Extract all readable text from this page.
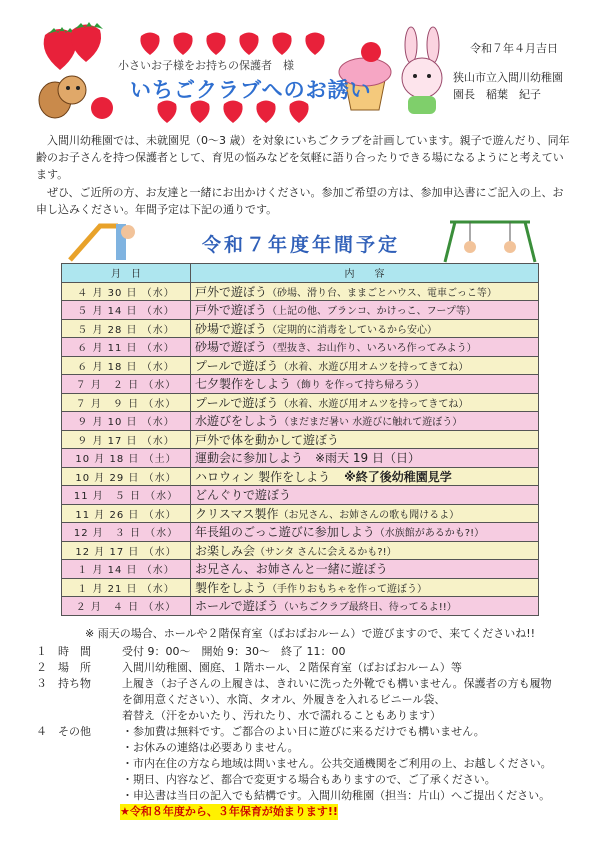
小さいお子様をお持ちの保護者　様
いちごクラブへのお誘い
令和７年４月吉日
狭山市立入間川幼稚園
園長　稲葉　紀子
入間川幼稚園では、未就園児（0〜3 歳）を対象にいちごクラブを計画しています。親子で遊んだり、同年齢のお子さんを持つ保護者として、育児の悩みなどを気軽に語り合ったりできる場になるようにと考えています。
ぜひ、ご近所の方、お友達と一緒にお出かけください。参加ご希望の方は、参加申込書にご記入の上、お申し込みください。年間予定は下記の通りです。
令和７年度年間予定
月　日	内　　容
４ 月 30 日 （水）	戸外で遊ぼう（砂場、滑り台、ままごとハウス、電車ごっこ等）
５ 月 14 日 （水）	戸外で遊ぼう（上記の他、ブランコ、かけっこ、フープ等）
５ 月 28 日 （水）	砂場で遊ぼう（定期的に消毒をしているから安心）
６ 月 11 日 （水）	砂場で遊ぼう（型抜き、お山作り、いろいろ作ってみよう）
６ 月 18 日 （水）	プールで遊ぼう（水着、水遊び用オムツを持ってきてね）
７ 月　２ 日 （水）	七夕製作をしよう（飾り を作って持ち帰ろう）
７ 月　９ 日 （水）	プールで遊ぼう（水着、水遊び用オムツを持ってきてね）
９ 月 10 日 （水）	水遊びをしよう（まだまだ暑い 水遊びに触れて遊ぼう）
９ 月 17 日 （水）	戸外で体を動かして遊ぼう
10 月 18 日 （土）	運動会に参加しよう　※雨天 19 日（日）
10 月 29 日 （水）	ハロウィン 製作をしよう ※終了後幼稚園見学
11 月　５ 日 （水）	どんぐりで遊ぼう
11 月 26 日 （水）	クリスマス製作（お兄さん、お姉さんの歌も聞けるよ）
12 月　３ 日 （水）	年長組のごっこ遊びに参加しよう（水族館があるかも?!）
12 月 17 日 （水）	お楽しみ会（サンタ さんに会えるかも?!）
１ 月 14 日 （水）	お兄さん、お姉さんと一緒に遊ぼう
１ 月 21 日 （水）	製作をしよう（手作りおもちゃを作って遊ぼう）
２ 月　４ 日 （水）	ホールで遊ぼう（いちごクラブ最終日、待ってるよ!!）
※ 雨天の場合、ホールや２階保育室（ばおばおルーム）で遊びますので、来てくださいね!!
１ 時　間	受付 9：00〜　開始 9：30〜　終了 11：00
２ 場　所	入間川幼稚園、園庭、１階ホール、２階保育室（ばおばおルーム）等
３ 持ち物	上履き（お子さんの上履きは、きれいに洗った外靴でも構いません。保護者の方も履物
を御用意ください）、水筒、タオル、外履きを入れるビニール袋、
着替え（汗をかいたり、汚れたり、水で濡れることもあります）
４ その他	・参加費は無料です。ご都合のよい日に遊びに来るだけでも構いません。
・お休みの連絡は必要ありません。
・市内在住の方なら地域は問いません。公共交通機関をご利用の上、お越しください。
・期日、内容など、都合で変更する場合もありますので、ご了承ください。
・申込書は当日の記入でも結構です。入間川幼稚園（担当：片山）へご提出ください。
★令和８年度から、３年保育が始まります!!
